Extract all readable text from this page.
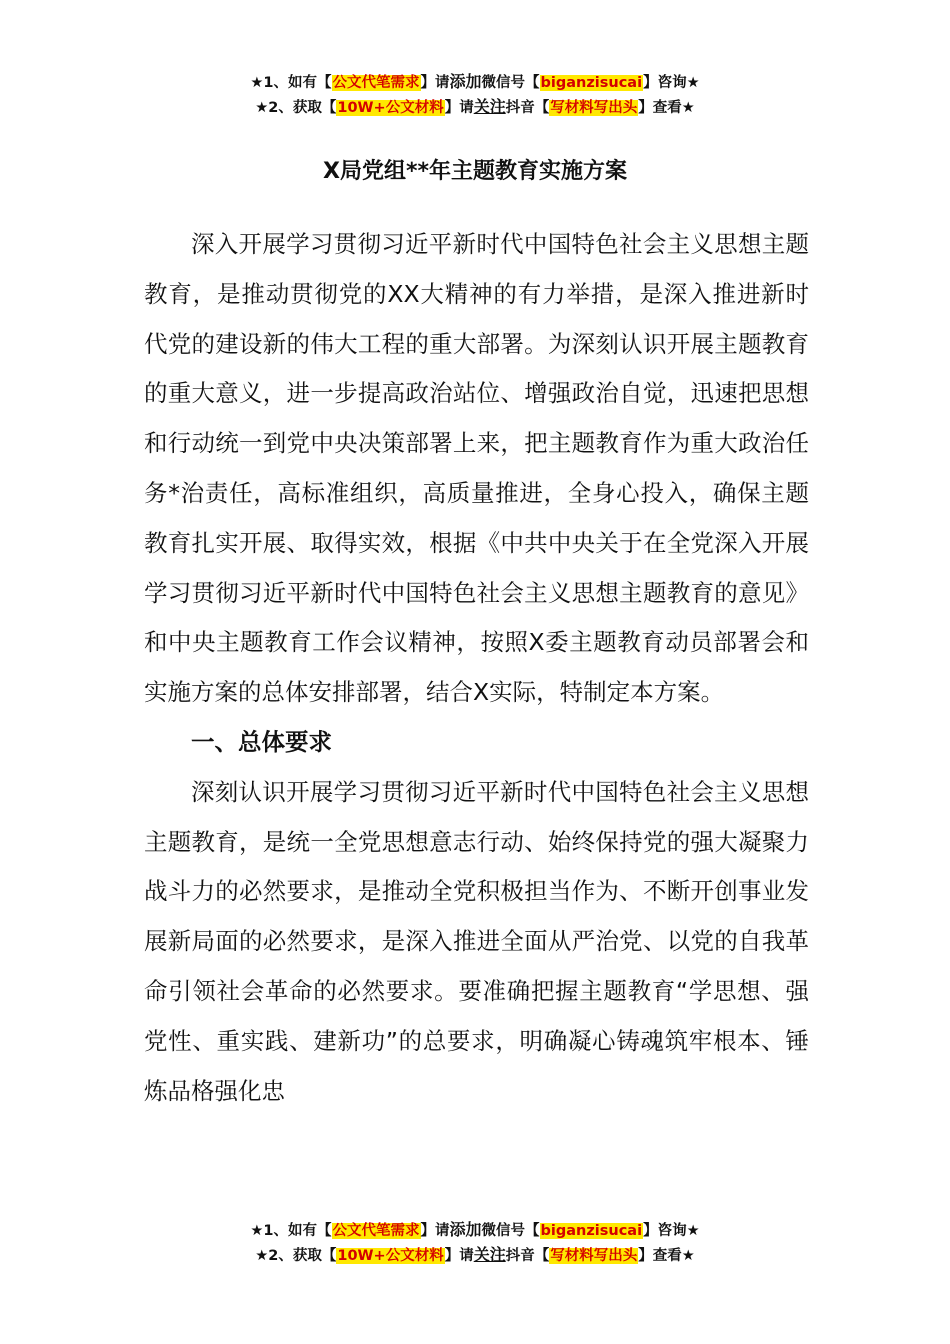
★1、如有【公文代笔需求】请添加微信号【biganzisucai】咨询★
★2、获取【10W+公文材料】请关注抖音【写材料写出头】查看★
X局党组**年主题教育实施方案

深入开展学习贯彻习近平新时代中国特色社会主义思想主题教育，是推动贯彻党的XX大精神的有力举措，是深入推进新时代党的建设新的伟大工程的重大部署。为深刻认识开展主题教育的重大意义，进一步提高政治站位、增强政治自觉，迅速把思想和行动统一到党中央决策部署上来，把主题教育作为重大政治任务*治责任，高标准组织，高质量推进，全身心投入，确保主题教育扎实开展、取得实效，根据《中共中央关于在全党深入开展学习贯彻习近平新时代中国特色社会主义思想主题教育的意见》和中央主题教育工作会议精神，按照X委主题教育动员部署会和实施方案的总体安排部署，结合X实际，特制定本方案。

一、总体要求

深刻认识开展学习贯彻习近平新时代中国特色社会主义思想主题教育，是统一全党思想意志行动、始终保持党的强大凝聚力战斗力的必然要求，是推动全党积极担当作为、不断开创事业发展新局面的必然要求，是深入推进全面从严治党、以党的自我革命引领社会革命的必然要求。要准确把握主题教育“学思想、强党性、重实践、建新功”的总要求，明确凝心铸魂筑牢根本、锤炼品格强化忠

★1、如有【公文代笔需求】请添加微信号【biganzisucai】咨询★
★2、获取【10W+公文材料】请关注抖音【写材料写出头】查看★
